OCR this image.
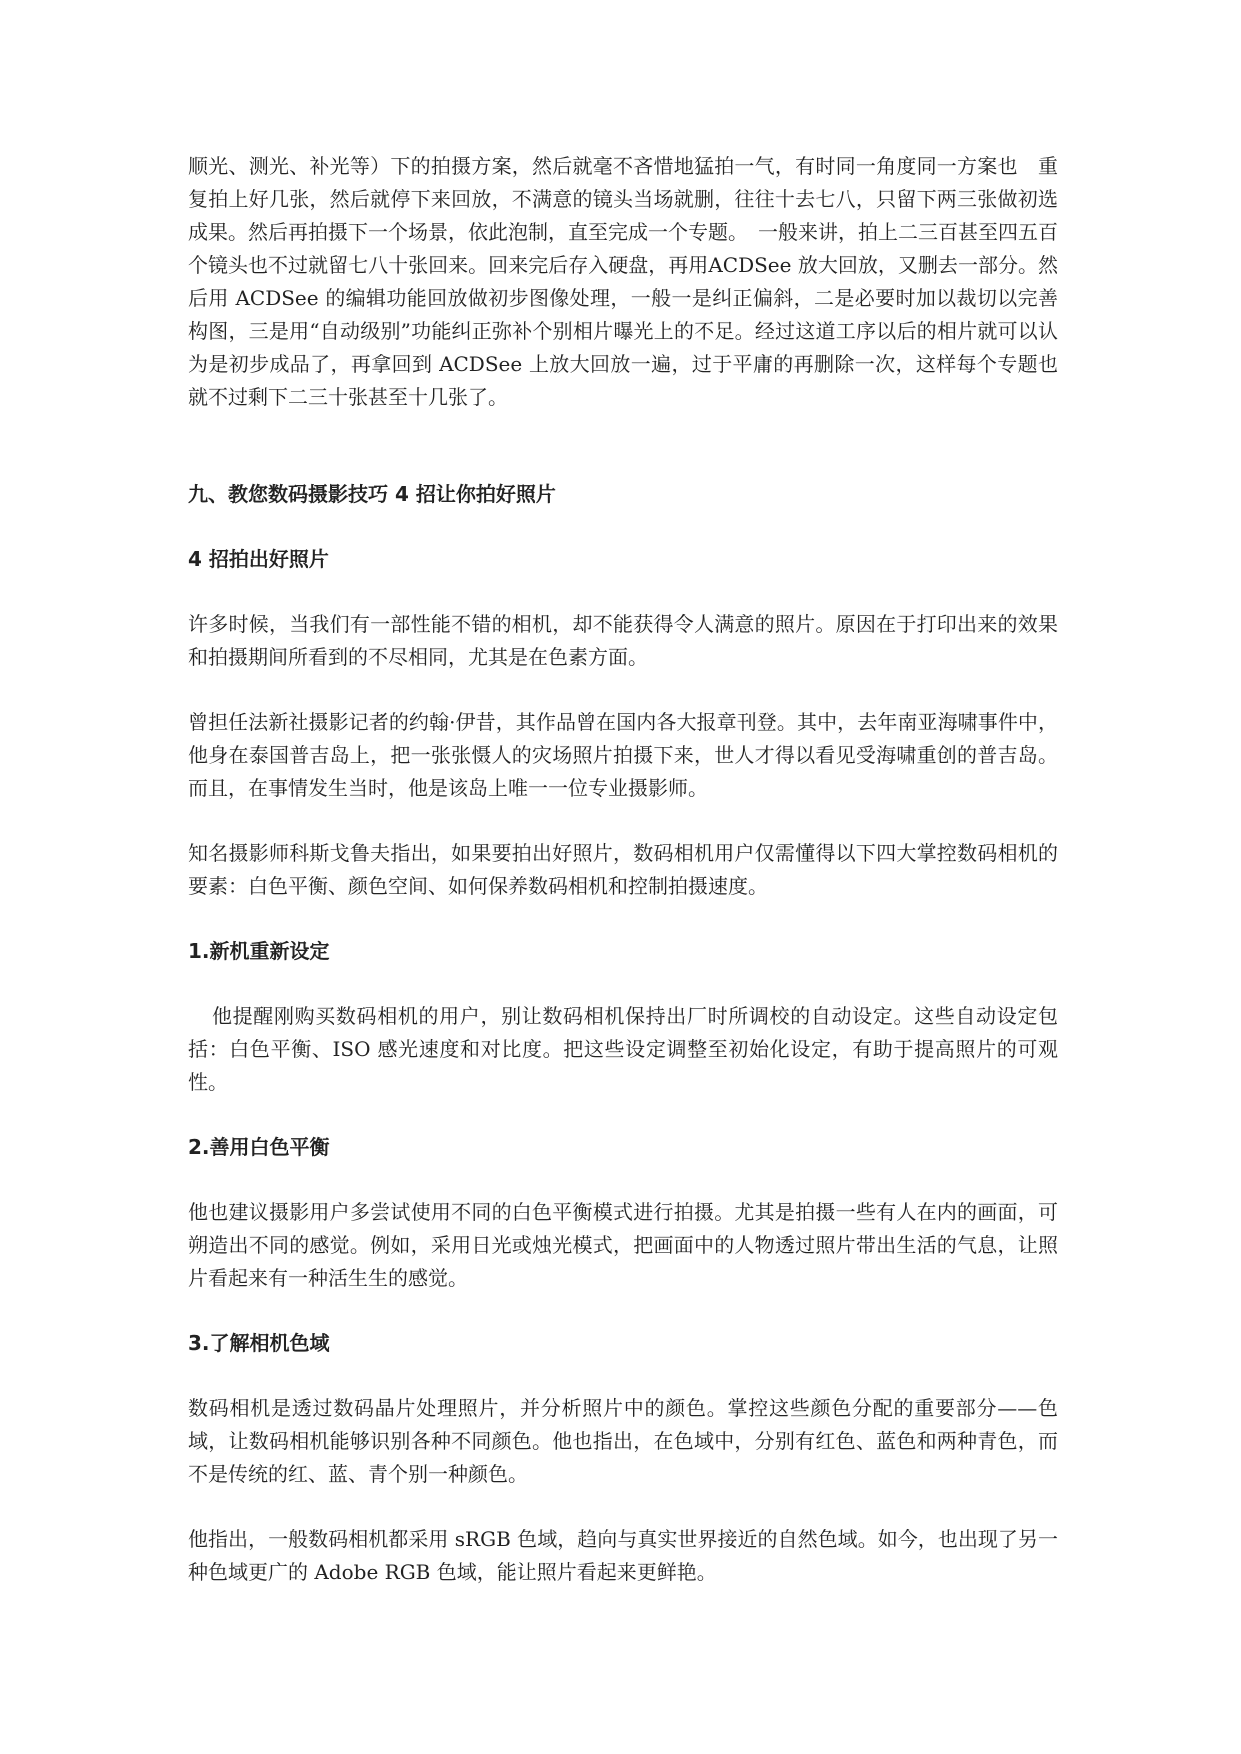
顺光、测光、补光等）下的拍摄方案，然后就毫不吝惜地猛拍一气，有时同一角度同一方案也　重复拍上好几张，然后就停下来回放，不满意的镜头当场就删，往往十去七八，只留下两三张做初选成果。然后再拍摄下一个场景，依此泡制，直至完成一个专题。　一般来讲，拍上二三百甚至四五百个镜头也不过就留七八十张回来。回来完后存入硬盘，再用ACDSee 放大回放，又删去一部分。然后用 ACDSee 的编辑功能回放做初步图像处理，一般一是纠正偏斜，二是必要时加以裁切以完善构图，三是用“自动级别”功能纠正弥补个别相片曝光上的不足。经过这道工序以后的相片就可以认为是初步成品了，再拿回到 ACDSee 上放大回放一遍，过于平庸的再删除一次，这样每个专题也就不过剩下二三十张甚至十几张了。

九、教您数码摄影技巧 4 招让你拍好照片

4 招拍出好照片

许多时候，当我们有一部性能不错的相机，却不能获得令人满意的照片。原因在于打印出来的效果和拍摄期间所看到的不尽相同，尤其是在色素方面。

曾担任法新社摄影记者的约翰·伊昔，其作品曾在国内各大报章刊登。其中，去年南亚海啸事件中，他身在泰国普吉岛上，把一张张慑人的灾场照片拍摄下来，世人才得以看见受海啸重创的普吉岛。而且，在事情发生当时，他是该岛上唯一一位专业摄影师。

知名摄影师科斯戈鲁夫指出，如果要拍出好照片，数码相机用户仅需懂得以下四大掌控数码相机的要素：白色平衡、颜色空间、如何保养数码相机和控制拍摄速度。

1.新机重新设定

他提醒刚购买数码相机的用户，别让数码相机保持出厂时所调校的自动设定。这些自动设定包括：白色平衡、ISO 感光速度和对比度。把这些设定调整至初始化设定，有助于提高照片的可观性。

2.善用白色平衡

他也建议摄影用户多尝试使用不同的白色平衡模式进行拍摄。尤其是拍摄一些有人在内的画面，可朔造出不同的感觉。例如，采用日光或烛光模式，把画面中的人物透过照片带出生活的气息，让照片看起来有一种活生生的感觉。

3.了解相机色域

数码相机是透过数码晶片处理照片，并分析照片中的颜色。掌控这些颜色分配的重要部分——色域，让数码相机能够识别各种不同颜色。他也指出，在色域中，分别有红色、蓝色和两种青色，而不是传统的红、蓝、青个别一种颜色。

他指出，一般数码相机都采用 sRGB 色域，趋向与真实世界接近的自然色域。如今，也出现了另一种色域更广的 Adobe RGB 色域，能让照片看起来更鲜艳。
